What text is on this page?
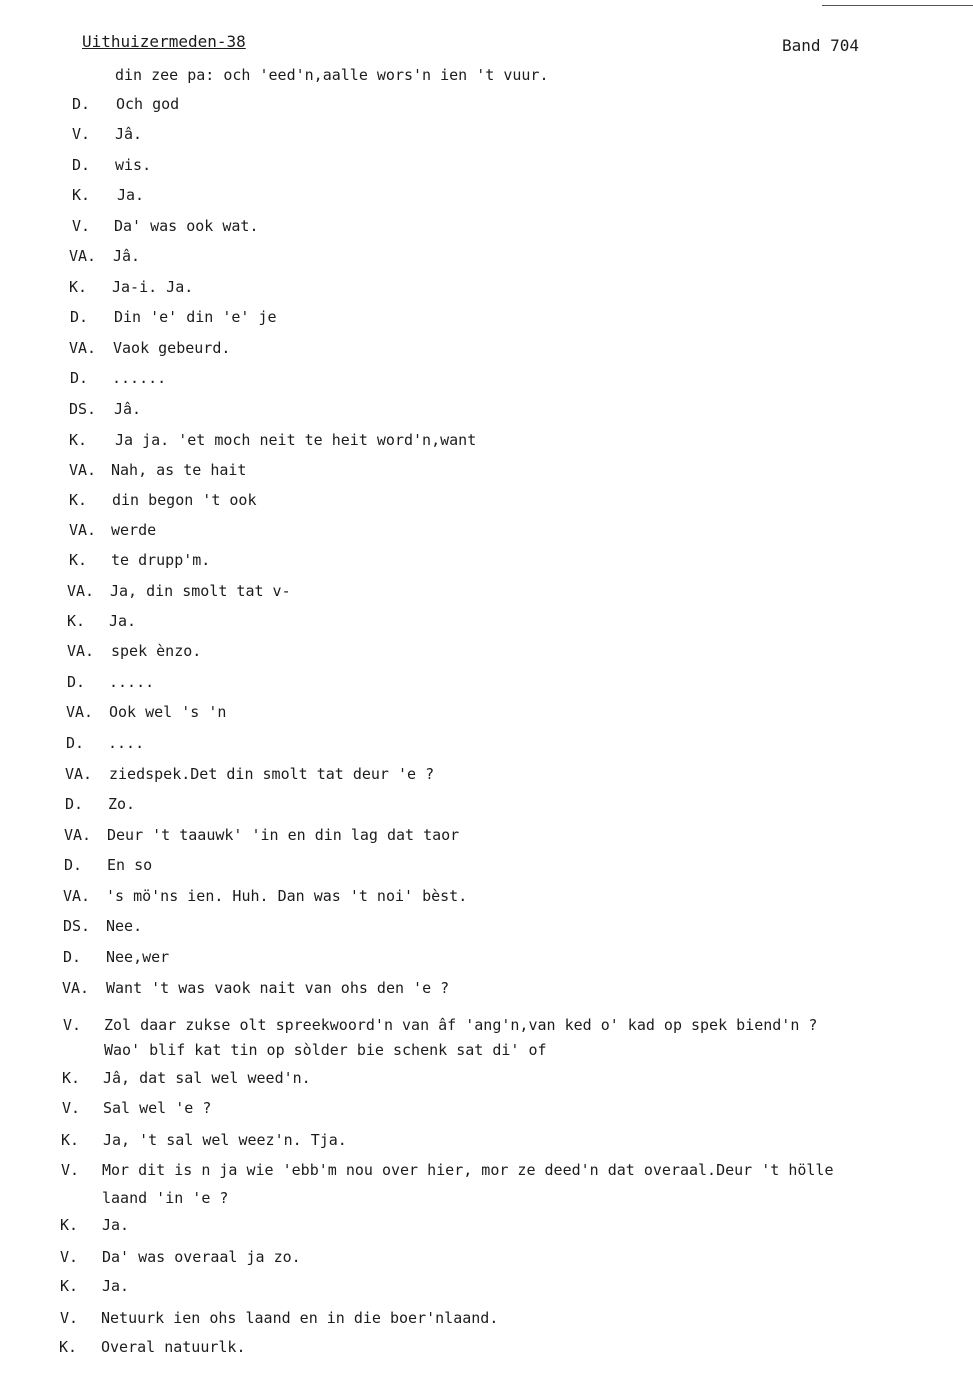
Uithuizermeden-38	Band 704
din zee pa: och 'eed'n,aalle wors'n ien 't vuur.
D. Och god
V. Jâ.
D. wis.
K. Ja.
V. Da' was ook wat.
VA. Jâ.
K. Ja-i. Ja.
D. Din 'e' din 'e' je
VA. Vaok gebeurd.
D. ......
DS. Jâ.
K. Ja ja. 'et moch neit te heit word'n,want
VA. Nah, as te hait
K. din begon 't ook
VA. werde
K. te drupp'm.
VA. Ja, din smolt tat v-
K. Ja.
VA. spek ènzo.
D. .....
VA. Ook wel 's 'n
D. ....
VA. ziedspek.Det din smolt tat deur 'e ?
D. Zo.
VA. Deur 't taauwk' 'in en din lag dat taor
D. En so
VA. 's mö'ns ien. Huh. Dan was 't noi' bèst.
DS. Nee.
D. Nee,wer
VA. Want 't was vaok nait van ohs den 'e ?
V. Zol daar zukse olt spreekwoord'n van âf 'ang'n,van ked o' kad op spek biend'n ?
Wao' blif kat tin op sòlder bie schenk sat di' of
K. Jâ, dat sal wel weed'n.
V. Sal wel 'e ?
K. Ja, 't sal wel weez'n. Tja.
V. Mor dit is n ja wie 'ebb'm nou over hier, mor ze deed'n dat overaal.Deur 't hölle
laand 'in 'e ?
K. Ja.
V. Da' was overaal ja zo.
K. Ja.
V. Netuurk ien ohs laand en in die boer'nlaand.
K. Overal natuurlk.
